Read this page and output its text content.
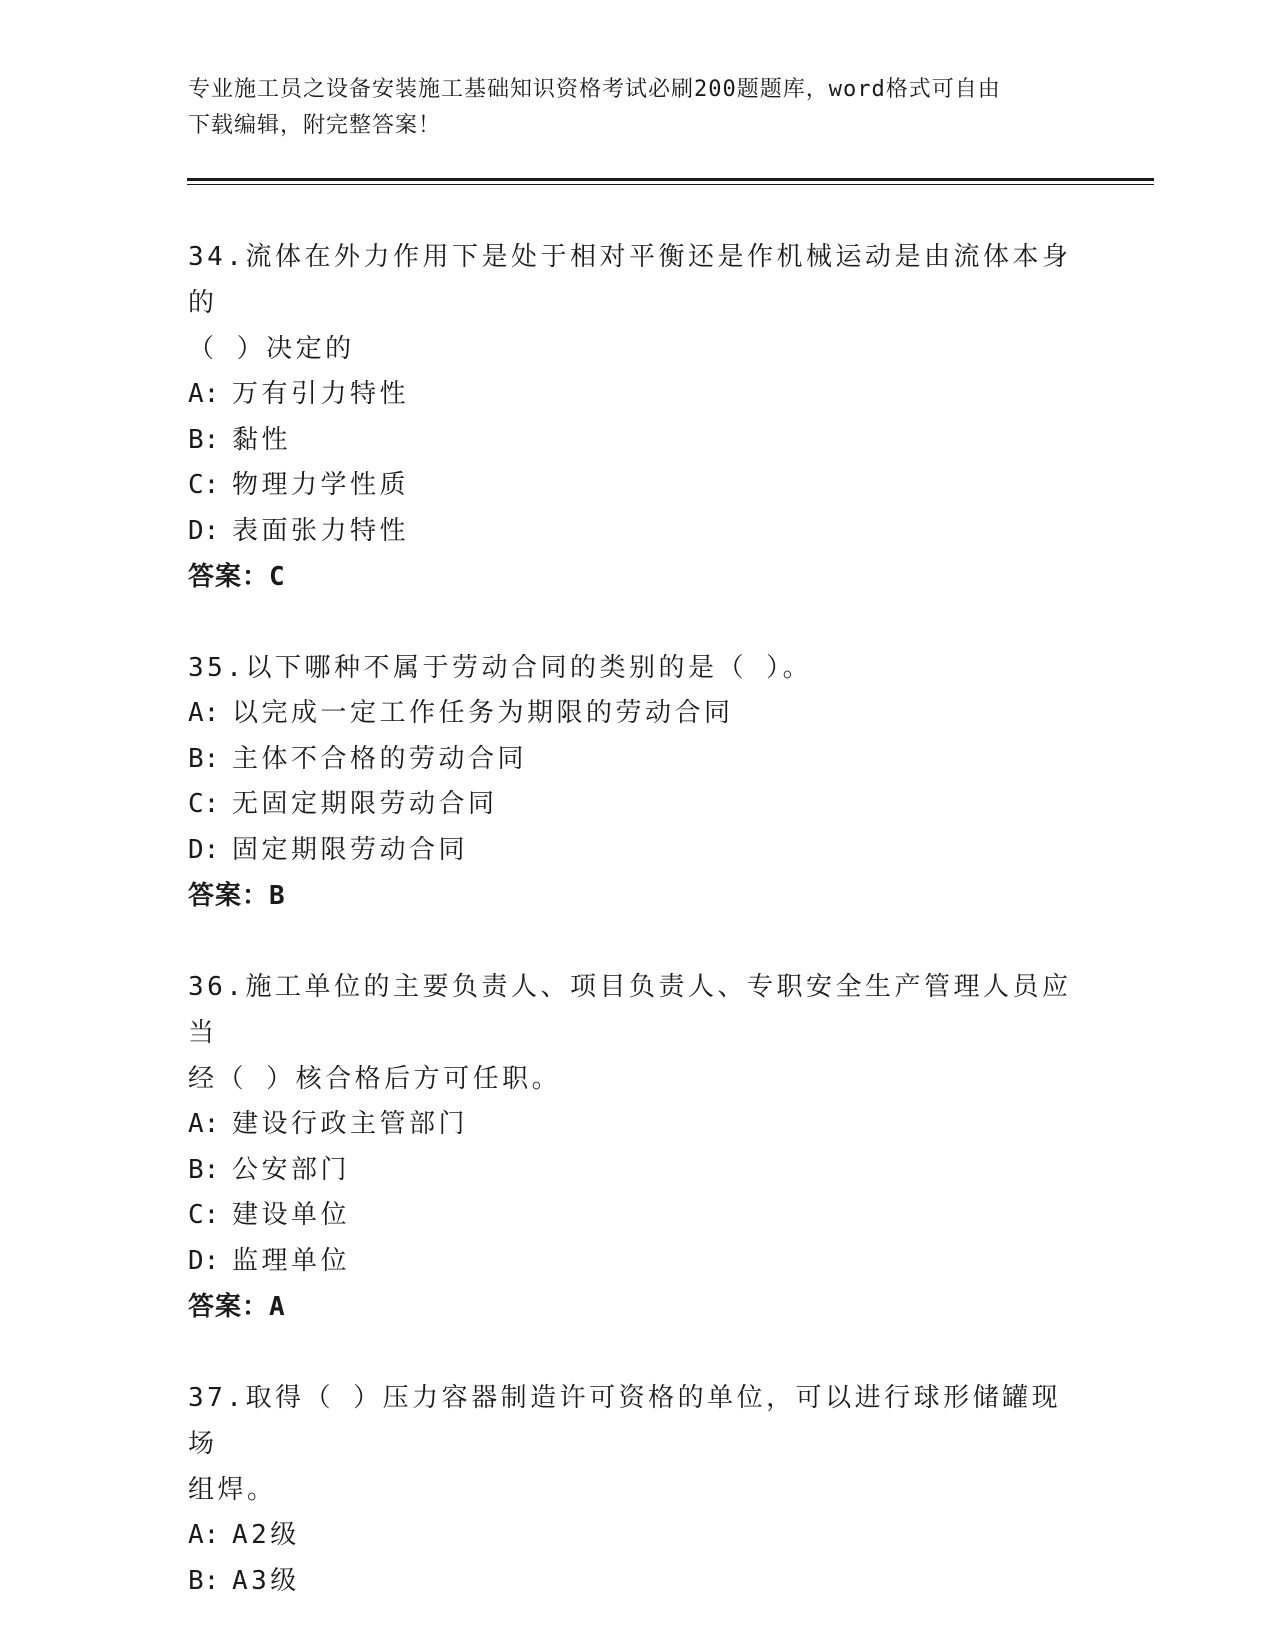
专业施工员之设备安装施工基础知识资格考试必刷200题题库，word格式可自由
下载编辑，附完整答案！
34.流体在外力作用下是处于相对平衡还是作机械运动是由流体本身的
（ ）决定的
A: 万有引力特性
B: 黏性
C: 物理力学性质
D: 表面张力特性
答案：C
35.以下哪种不属于劳动合同的类别的是（ ）。
A: 以完成一定工作任务为期限的劳动合同
B: 主体不合格的劳动合同
C: 无固定期限劳动合同
D: 固定期限劳动合同
答案：B
36.施工单位的主要负责人、项目负责人、专职安全生产管理人员应当
经（ ）核合格后方可任职。
A: 建设行政主管部门
B: 公安部门
C: 建设单位
D: 监理单位
答案：A
37.取得（ ）压力容器制造许可资格的单位，可以进行球形储罐现场
组焊。
A: A2级
B: A3级
